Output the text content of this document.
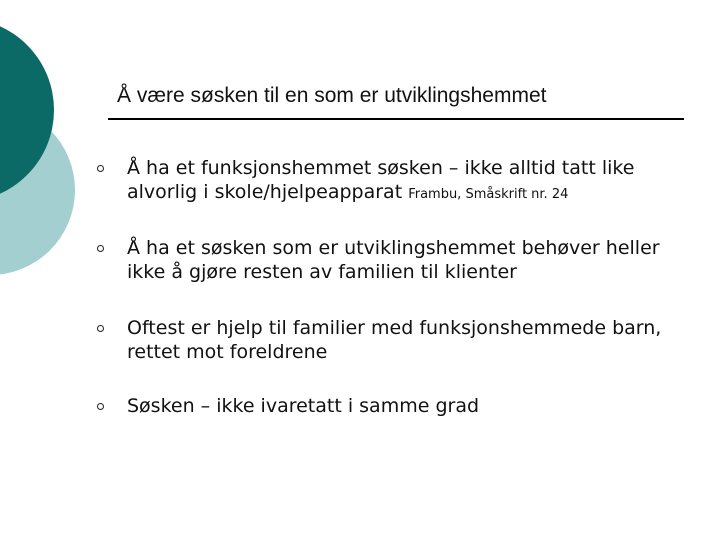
Å være søsken til en som er utviklingshemmet
Å ha et funksjonshemmet søsken – ikke alltid tatt like alvorlig i skole/hjelpeapparat Frambu, Småskrift nr. 24
Å ha et søsken som er utviklingshemmet behøver heller ikke å gjøre resten av familien til klienter
Oftest er hjelp til familier med funksjonshemmede barn, rettet mot foreldrene
Søsken – ikke ivaretatt i samme grad
